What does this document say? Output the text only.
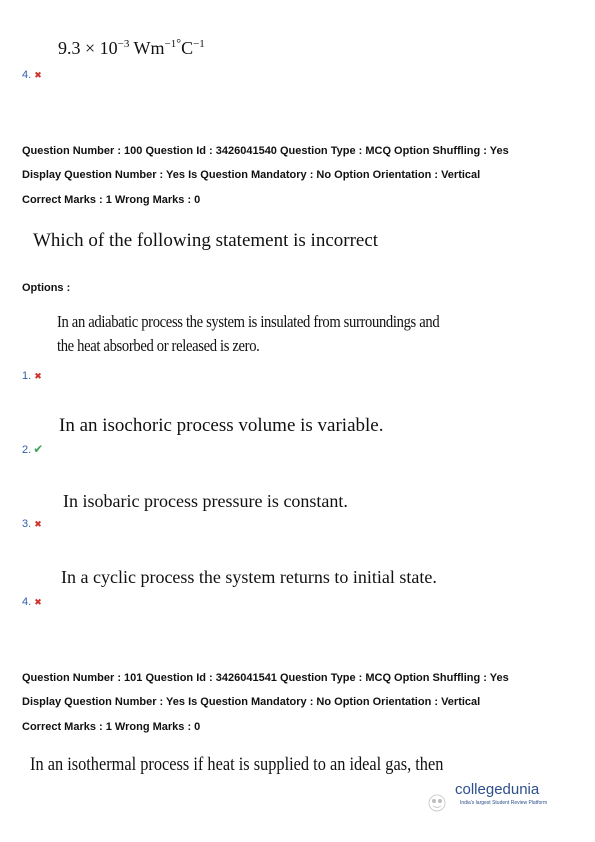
$9.3 \times 10^{-3}$ $Wm^{-1^\circ}C^{-1}$
4. ✖
Question Number : 100 Question Id : 3426041540 Question Type : MCQ Option Shuffling : Yes
Display Question Number : Yes Is Question Mandatory : No Option Orientation : Vertical
Correct Marks : 1 Wrong Marks : 0
Which of the following statement is incorrect
Options :
In an adiabatic process the system is insulated from surroundings and
the heat absorbed or released is zero.
1. ✖
In an isochoric process volume is variable.
2. ✔
In isobaric process pressure is constant.
3. ✖
In a cyclic process the system returns to initial state.
4. ✖
Question Number : 101 Question Id : 3426041541 Question Type : MCQ Option Shuffling : Yes
Display Question Number : Yes Is Question Mandatory : No Option Orientation : Vertical
Correct Marks : 1 Wrong Marks : 0
In an isothermal process if heat is supplied to an ideal gas, then
collegedunia
India's largest Student Review Platform
